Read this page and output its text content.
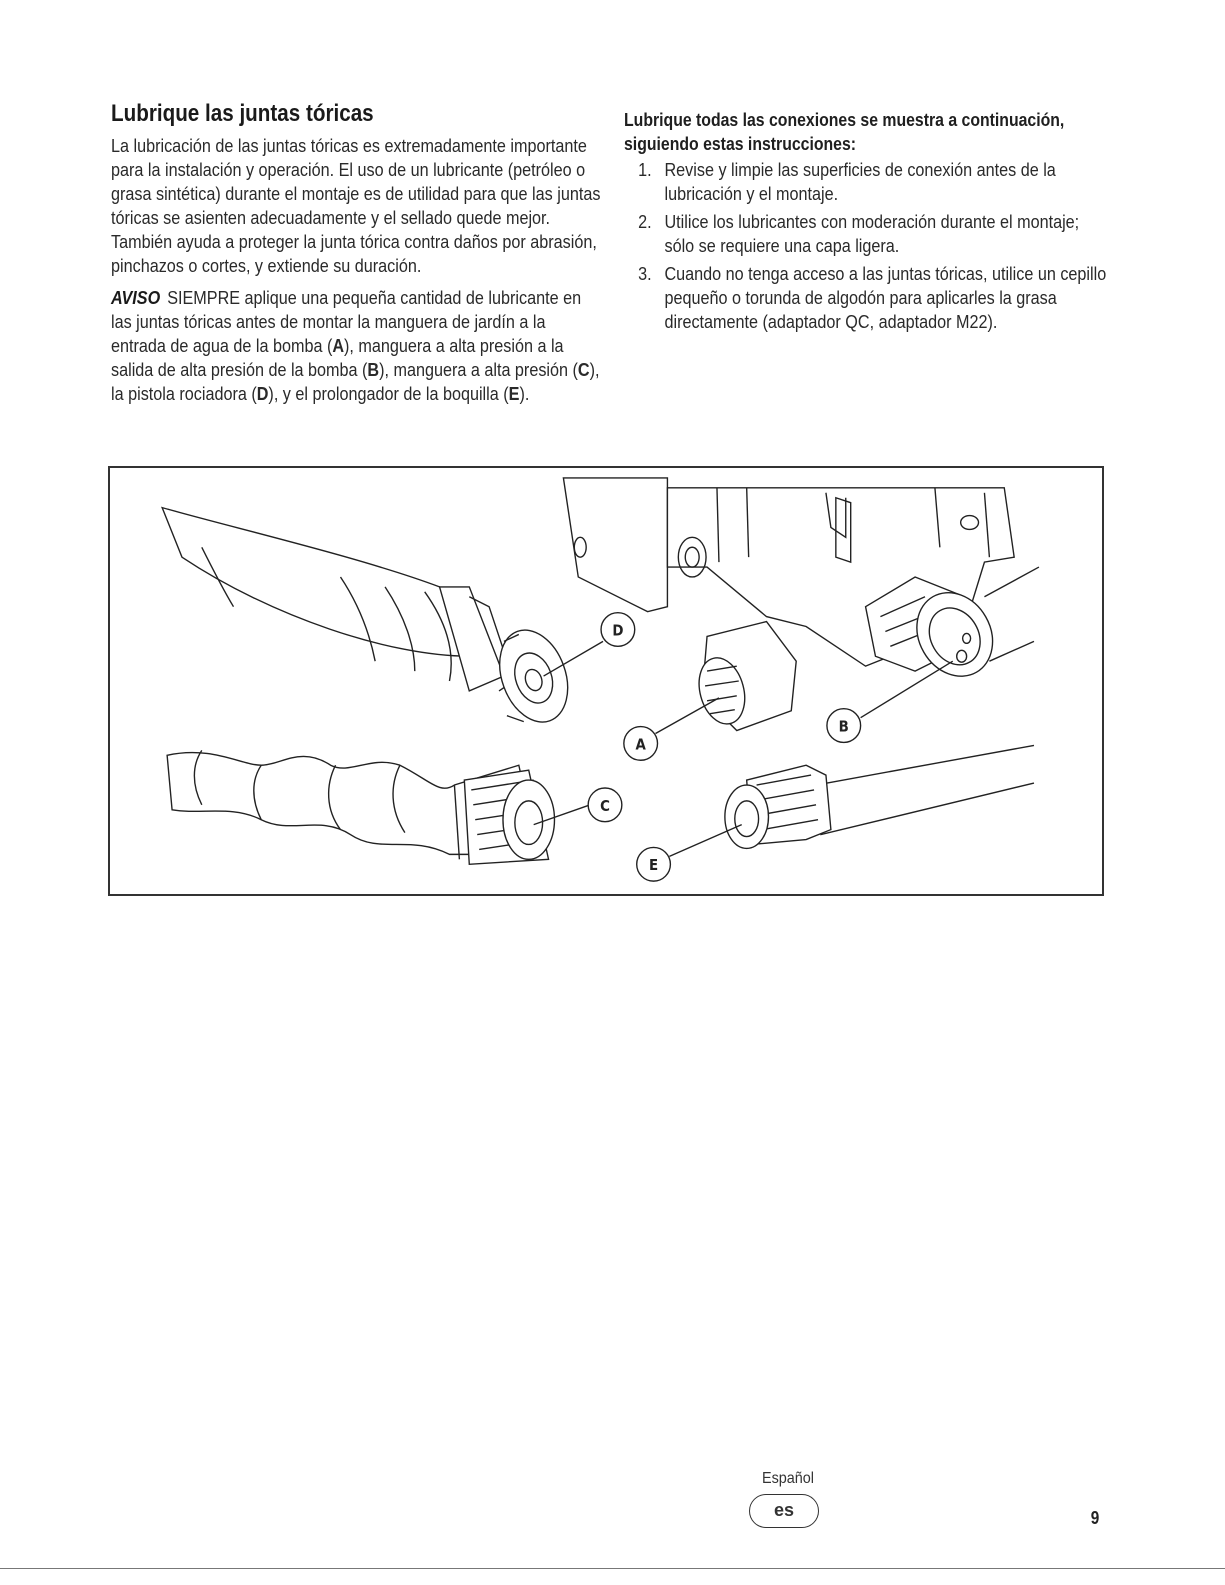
Lubrique las juntas tóricas

La lubricación de las juntas tóricas es extremadamente importante para la instalación y operación. El uso de un lubricante (petróleo o grasa sintética) durante el montaje es de utilidad para que las juntas tóricas se asienten adecuadamente y el sellado quede mejor. También ayuda a proteger la junta tórica contra daños por abrasión, pinchazos o cortes, y extiende su duración.

AVISO SIEMPRE aplique una pequeña cantidad de lubricante en las juntas tóricas antes de montar la manguera de jardín a la entrada de agua de la bomba (A), manguera a alta presión a la salida de alta presión de la bomba (B), manguera a alta presión (C), la pistola rociadora (D), y el prolongador de la boquilla (E).

Lubrique todas las conexiones se muestra a continuación, siguiendo estas instrucciones:
1. Revise y limpie las superficies de conexión antes de la lubricación y el montaje.
2. Utilice los lubricantes con moderación durante el montaje; sólo se requiere una capa ligera.
3. Cuando no tenga acceso a las juntas tóricas, utilice un cepillo pequeño o torunda de algodón para aplicarles la grasa directamente (adaptador QC, adaptador M22).
D
A
B
C
E
Español
es	9
